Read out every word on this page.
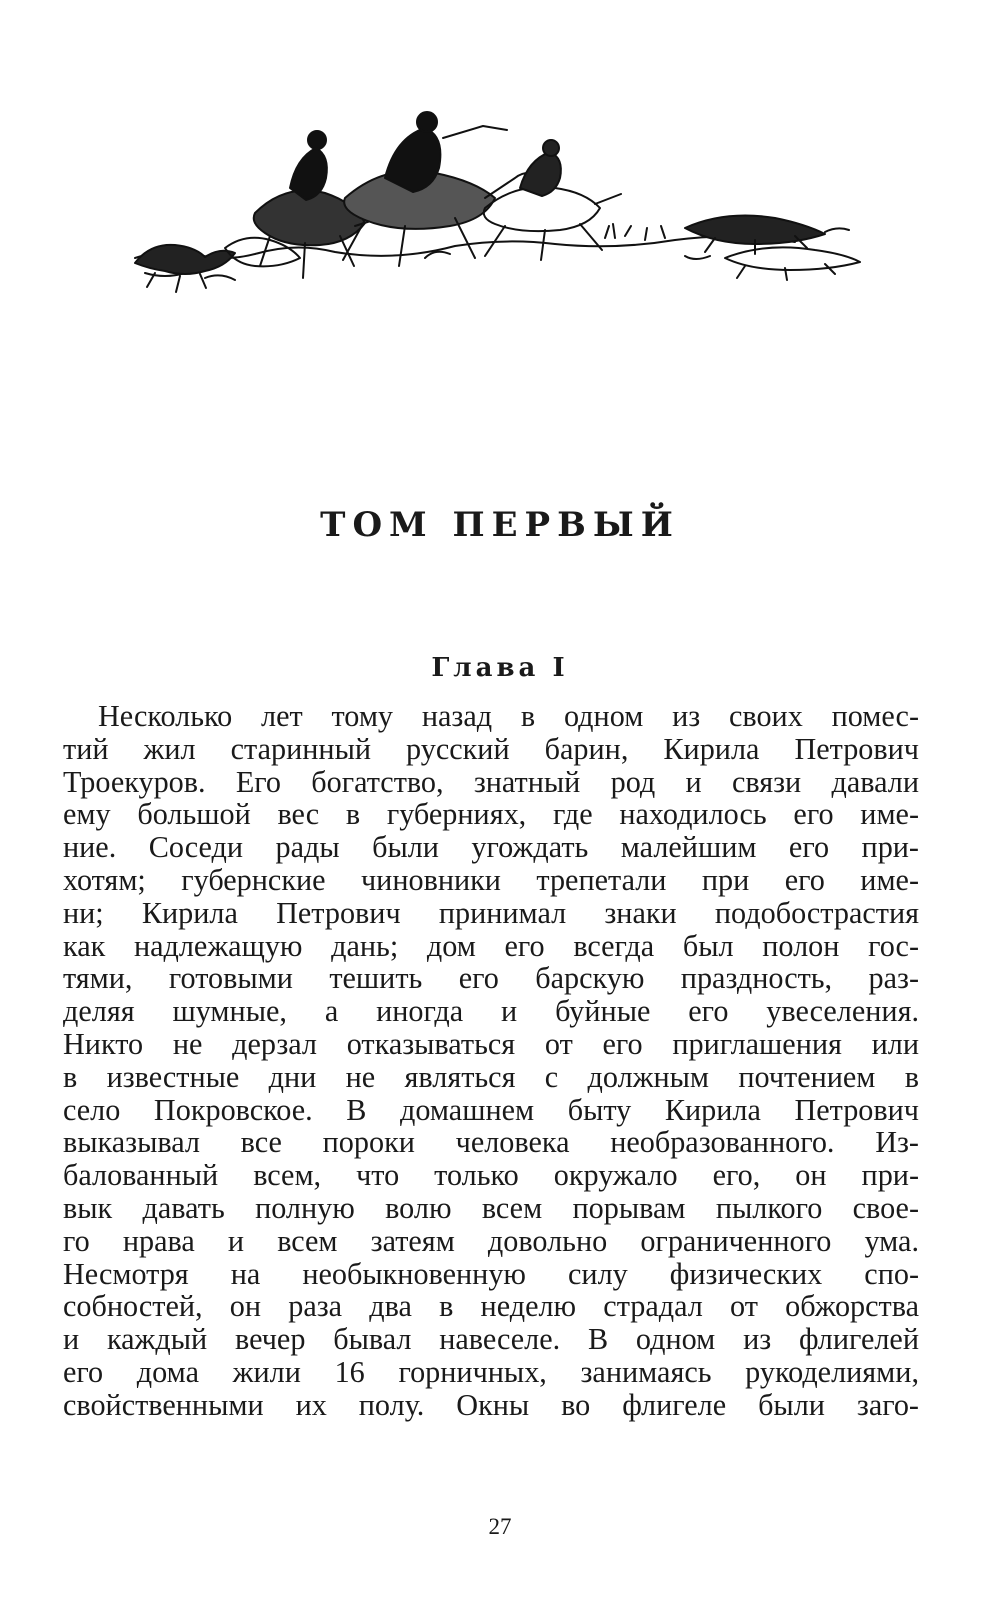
ТОМ ПЕРВЫЙ
Глава I
Несколько лет тому назад в одном из своих помес-
тий жил старинный русский барин, Кирила Петрович
Троекуров. Его богатство, знатный род и связи давали
ему большой вес в губерниях, где находилось его име-
ние. Соседи рады были угождать малейшим его при-
хотям; губернские чиновники трепетали при его име-
ни; Кирила Петрович принимал знаки подобострастия
как надлежащую дань; дом его всегда был полон гос-
тями, готовыми тешить его барскую праздность, раз-
деляя шумные, а иногда и буйные его увеселения.
Никто не дерзал отказываться от его приглашения или
в известные дни не являться с должным почтением в
село Покровское. В домашнем быту Кирила Петрович
выказывал все пороки человека необразованного. Из-
балованный всем, что только окружало его, он при-
вык давать полную волю всем порывам пылкого свое-
го нрава и всем затеям довольно ограниченного ума.
Несмотря на необыкновенную силу физических спо-
собностей, он раза два в неделю страдал от обжорства
и каждый вечер бывал навеселе. В одном из флигелей
его дома жили 16 горничных, занимаясь рукоделиями,
свойственными их полу. Окны во флигеле были заго-
27
